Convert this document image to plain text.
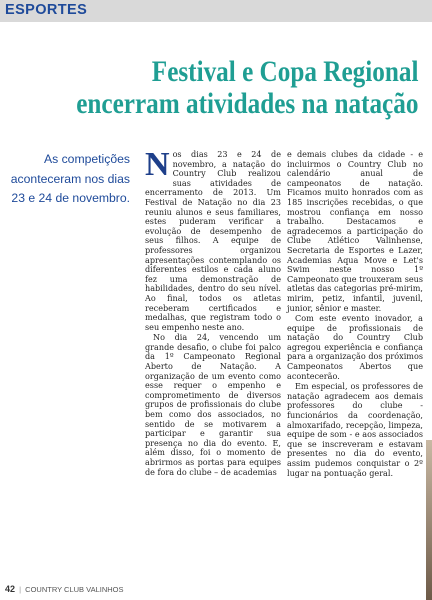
ESPORTES
Festival e Copa Regional
encerram atividades na natação
As competições aconteceram nos dias 23 e 24 de novembro.

Nos dias 23 e 24 de novembro, a natação do Country Club realizou suas atividades de encerramento de 2013. Um Festival de Natação no dia 23 reuniu alunos e seus familiares, estes puderam verificar a evolução de desempenho de seus filhos. A equipe de professores organizou apresentações contemplando os diferentes estilos e cada aluno fez uma demonstração de habilidades, dentro do seu nível. Ao final, todos os atletas receberam certificados e medalhas, que registram todo o seu empenho neste ano.

No dia 24, vencendo um grande desafio, o clube foi palco da 1º Campeonato Regional Aberto de Natação. A organização de um evento como esse requer o empenho e comprometimento de diversos grupos de profissionais do clube bem como dos associados, no sentido de se motivarem a participar e garantir sua presença no dia do evento. E, além disso, foi o momento de abrirmos as portas para equipes de fora do clube – de academias

e demais clubes da cidade - e incluirmos o Country Club no calendário anual de campeonatos de natação. Ficamos muito honrados com as 185 inscrições recebidas, o que mostrou confiança em nosso trabalho. Destacamos e agradecemos a participação do Clube Atlético Valinhense, Secretaria de Esportes e Lazer, Academias Aqua Move e Let's Swim neste nosso 1º Campeonato que trouxeram seus atletas das categorias pré-mirim, mirim, petiz, infantil, juvenil, junior, sênior e master.

Com este evento inovador, a equipe de profissionais de natação do Country Club agregou experiência e confiança para a organização dos próximos Campeonatos Abertos que acontecerão.

Em especial, os professores de natação agradecem aos demais professores do clube - funcionários da coordenação, almoxarifado, recepção, limpeza, equipe de som - e aos associados que se inscreveram e estavam presentes no dia do evento, assim pudemos conquistar o 2º lugar na pontuação geral.

42 | COUNTRY CLUB VALINHOS
